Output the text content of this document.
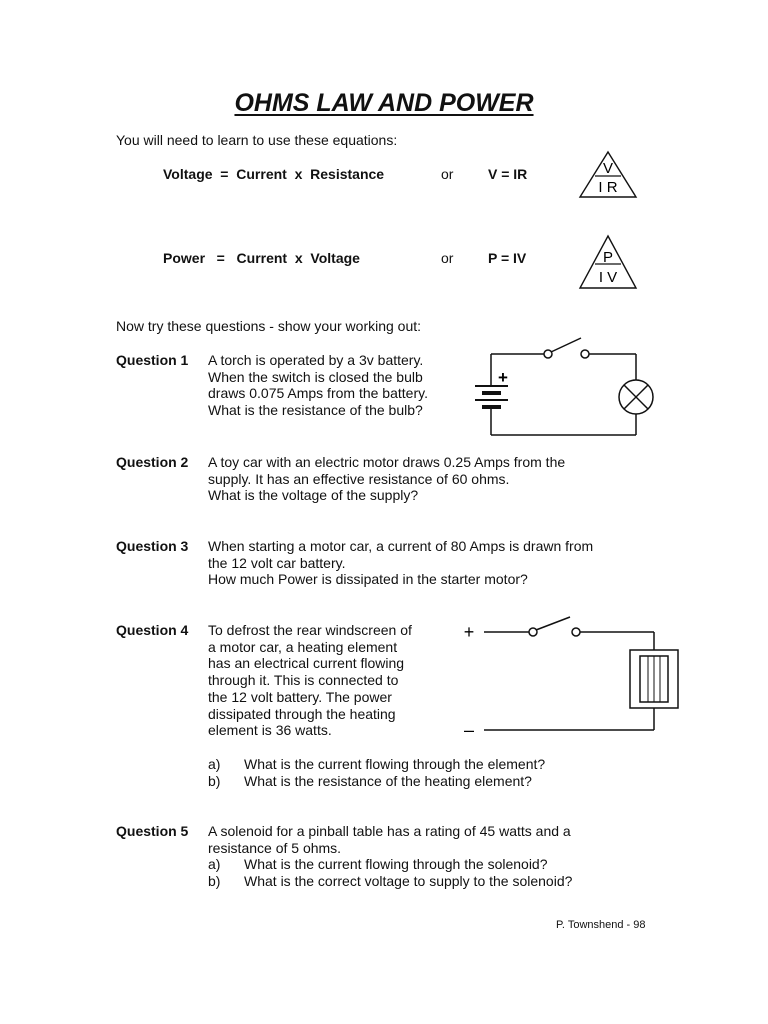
OHMS LAW AND POWER
You will need to learn to use these equations:
Voltage  =  Current  x  Resistance	or V = IR	V
I R
Power   =   Current  x  Voltage	or P = IV	P
I V
Now try these questions - show your working out:
Question 1 A torch is operated by a 3v battery.
When the switch is closed the bulb
draws 0.075 Amps from the battery.
What is the resistance of the bulb?
+
Question 2 A toy car with an electric motor draws 0.25 Amps from the
supply. It has an effective resistance of 60 ohms.
What is the voltage of the supply?
Question 3 When starting a motor car, a current of 80 Amps is drawn from
the 12 volt car battery.
How much Power is dissipated in the starter motor?
Question 4 To defrost the rear windscreen of
a motor car, a heating element
has an electrical current flowing
through it. This is connected to
the 12 volt battery. The power
dissipated through the heating
element is 36 watts.
a)	What is the current flowing through the element?
b)	What is the resistance of the heating element?
+
–
Question 5 A solenoid for a pinball table has a rating of 45 watts and a
resistance of 5 ohms.
a)	What is the current flowing through the solenoid?
b)	What is the correct voltage to supply to the solenoid?
P. Townshend - 98
